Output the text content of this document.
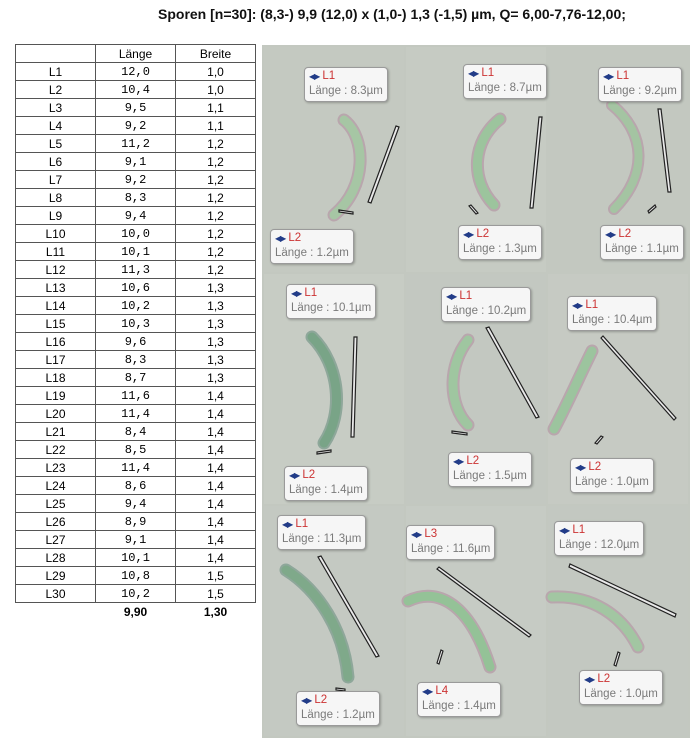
Sporen [n=30]: (8,3-) 9,9 (12,0) x (1,0-) 1,3 (-1,5) µm, Q= 6,00-7,76-12,00;
	Länge	Breite
L1	12,0	1,0
L2	10,4	1,0
L3	9,5	1,1
L4	9,2	1,1
L5	11,2	1,2
L6	9,1	1,2
L7	9,2	1,2
L8	8,3	1,2
L9	9,4	1,2
L10	10,0	1,2
L11	10,1	1,2
L12	11,3	1,2
L13	10,6	1,3
L14	10,2	1,3
L15	10,3	1,3
L16	9,6	1,3
L17	8,3	1,3
L18	8,7	1,3
L19	11,6	1,4
L20	11,4	1,4
L21	8,4	1,4
L22	8,5	1,4
L23	11,4	1,4
L24	8,6	1,4
L25	9,4	1,4
L26	8,9	1,4
L27	9,1	1,4
L28	10,1	1,4
L29	10,8	1,5
L30	10,2	1,5
	9,90	1,30
◀▶ L1
Länge : 8.3µm
◀▶ L2
Länge : 1.2µm
◀▶ L1
Länge : 8.7µm
◀▶ L2
Länge : 1.3µm
◀▶ L1
Länge : 9.2µm
◀▶ L2
Länge : 1.1µm
◀▶ L1
Länge : 10.1µm
◀▶ L2
Länge : 1.4µm
◀▶ L1
Länge : 10.2µm
◀▶ L2
Länge : 1.5µm
◀▶ L1
Länge : 10.4µm
◀▶ L2
Länge : 1.0µm
◀▶ L1
Länge : 11.3µm
◀▶ L2
Länge : 1.2µm
◀▶ L3
Länge : 11.6µm
◀▶ L4
Länge : 1.4µm
◀▶ L1
Länge : 12.0µm
◀▶ L2
Länge : 1.0µm
